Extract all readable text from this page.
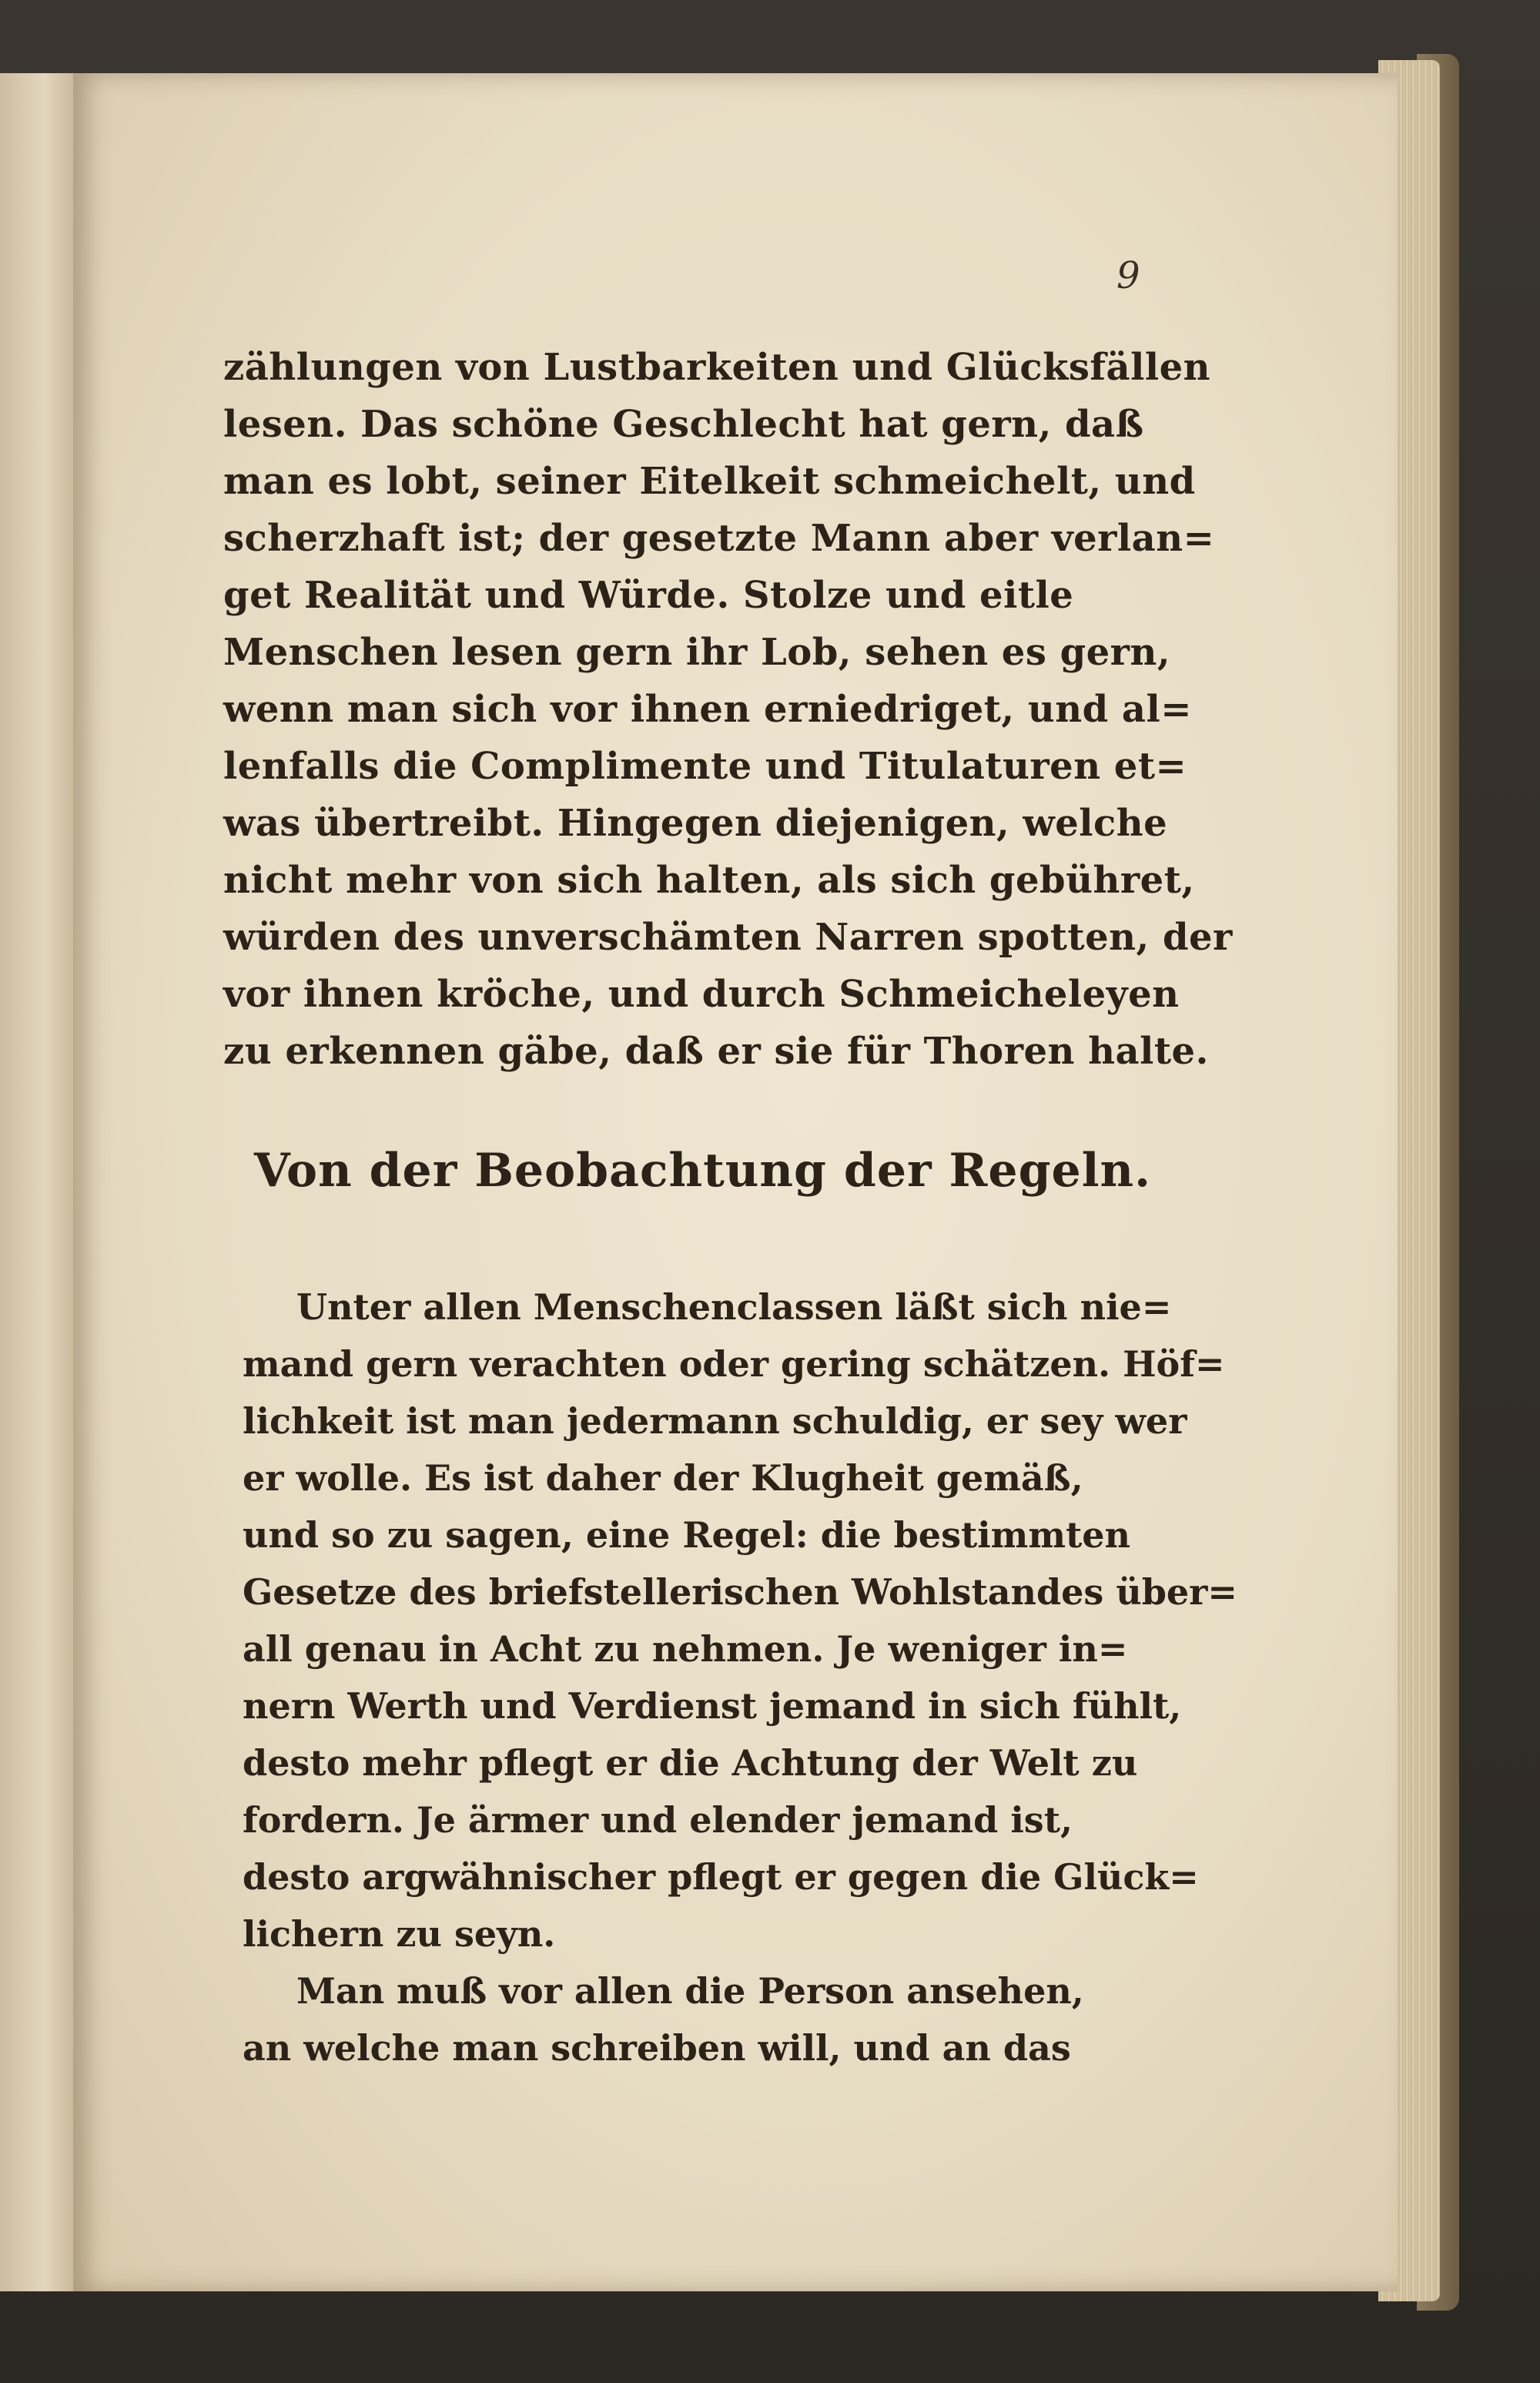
9
zählungen von Lustbarkeiten und Glücksfällen
lesen. Das schöne Geschlecht hat gern, daß
man es lobt, seiner Eitelkeit schmeichelt, und
scherzhaft ist; der gesetzte Mann aber verlan=
get Realität und Würde. Stolze und eitle
Menschen lesen gern ihr Lob, sehen es gern,
wenn man sich vor ihnen erniedriget, und al=
lenfalls die Complimente und Titulaturen et=
was übertreibt. Hingegen diejenigen, welche
nicht mehr von sich halten, als sich gebühret,
würden des unverschämten Narren spotten, der
vor ihnen kröche, und durch Schmeicheleyen
zu erkennen gäbe, daß er sie für Thoren halte.
Von der Beobachtung der Regeln.
Unter allen Menschenclassen läßt sich nie=
mand gern verachten oder gering schätzen. Höf=
lichkeit ist man jedermann schuldig, er sey wer
er wolle. Es ist daher der Klugheit gemäß,
und so zu sagen, eine Regel: die bestimmten
Gesetze des briefstellerischen Wohlstandes über=
all genau in Acht zu nehmen. Je weniger in=
nern Werth und Verdienst jemand in sich fühlt,
desto mehr pflegt er die Achtung der Welt zu
fordern. Je ärmer und elender jemand ist,
desto argwähnischer pflegt er gegen die Glück=
lichern zu seyn.
Man muß vor allen die Person ansehen,
an welche man schreiben will, und an das
